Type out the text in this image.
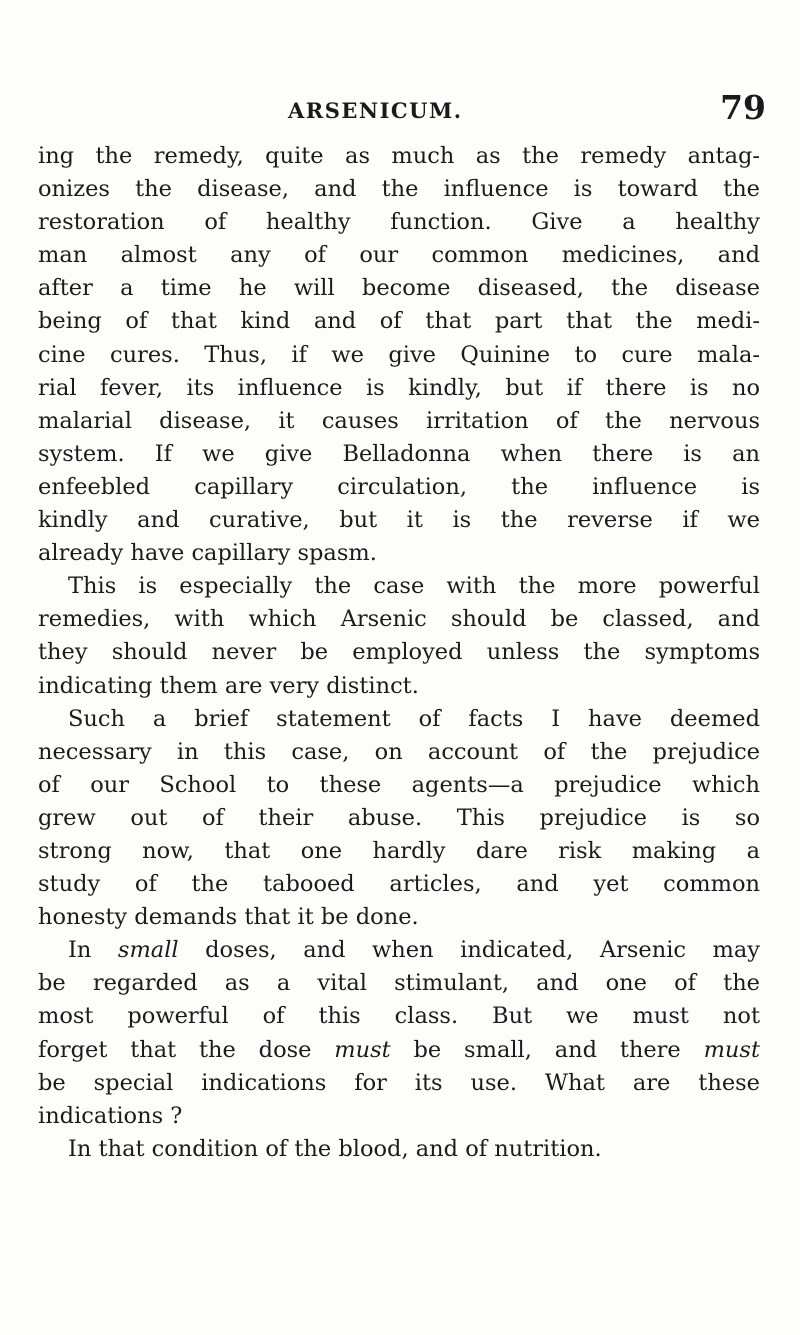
ARSENICUM.	79

ing the remedy, quite as much as the remedy antag-

onizes the disease, and the influence is toward the

restoration of healthy function. Give a healthy

man almost any of our common medicines, and

after a time he will become diseased, the disease

being of that kind and of that part that the medi-

cine cures. Thus, if we give Quinine to cure mala-

rial fever, its influence is kindly, but if there is no

malarial disease, it causes irritation of the nervous

system. If we give Belladonna when there is an

enfeebled capillary circulation, the influence is

kindly and curative, but it is the reverse if we

already have capillary spasm.

This is especially the case with the more powerful

remedies, with which Arsenic should be classed, and

they should never be employed unless the symptoms

indicating them are very distinct.

Such a brief statement of facts I have deemed

necessary in this case, on account of the prejudice

of our School to these agents—a prejudice which

grew out of their abuse. This prejudice is so

strong now, that one hardly dare risk making a

study of the tabooed articles, and yet common

honesty demands that it be done.

In small doses, and when indicated, Arsenic may

be regarded as a vital stimulant, and one of the

most powerful of this class. But we must not

forget that the dose must be small, and there must

be special indications for its use. What are these

indications ?

In that condition of the blood, and of nutrition.
